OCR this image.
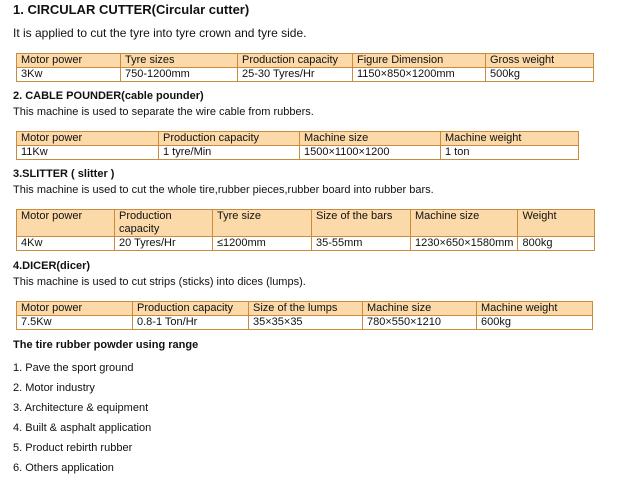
1. CIRCULAR CUTTER(Circular cutter)
It is applied to cut the tyre into tyre crown and tyre side.
Motor power	Tyre sizes	Production capacity	Figure Dimension	Gross weight
3Kw	750-1200mm	25-30 Tyres/Hr	1150×850×1200mm	500kg
2. CABLE POUNDER(cable pounder)
This machine is used to separate the wire cable from rubbers.
Motor power	Production capacity	Machine size	Machine weight
11Kw	1 tyre/Min	1500×1100×1200	1 ton
3.SLITTER ( slitter )
This machine is used to cut the whole tire,rubber pieces,rubber board into rubber bars.
Motor power	Production capacity	Tyre size	Size of the bars	Machine size	Weight
4Kw	20 Tyres/Hr	≤1200mm	35-55mm	1230×650×1580mm	800kg
4.DICER(dicer)
This machine is used to cut strips (sticks) into dices (lumps).
Motor power	Production capacity	Size of the lumps	Machine size	Machine weight
7.5Kw	0.8-1 Ton/Hr	35×35×35	780×550×1210	600kg
The tire rubber powder using range
1. Pave the sport ground
2. Motor industry
3. Architecture & equipment
4. Built & asphalt application
5. Product rebirth rubber
6. Others application
